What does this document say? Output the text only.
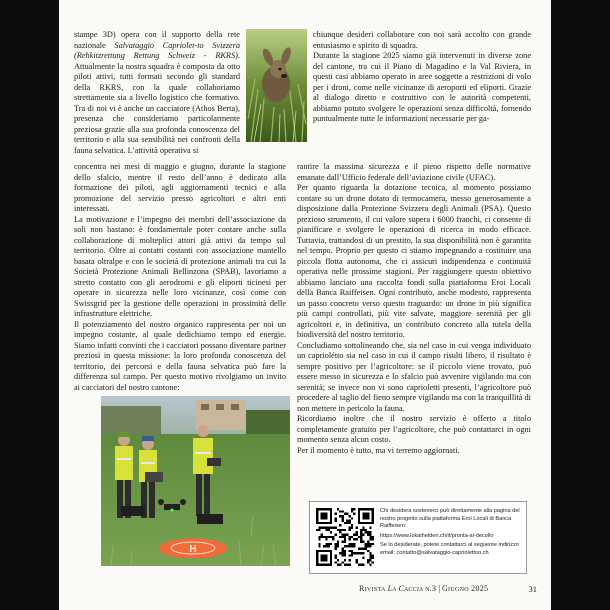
stampe 3D) opera con il supporto della rete nazionale Salvataggio Capriolet-to Svizzera (Rehkitzrettung Rettung Schweiz - RKRS). Attualmente la nostra squadra è composta da otto piloti attivi, tutti formati secondo gli standard della RKRS, con la quale collaboriamo strettamente sia a livello logistico che formativo. Tra di noi vi è anche un cacciatore (Athos Berta), presenza che consideriamo particolarmente preziosa grazie alla sua profonda conoscenza del territorio e alla sua sensibilità nei confronti della fauna selvatica. L’attività operativa si

chiunque desideri collaborare con noi sarà accolto con grande entusiasmo e spirito di squadra.

Durante la stagione 2025 siamo già intervenuti in diverse zone del cantone, tra cui il Piano di Magadino e la Val Riviera, in questi casi abbiamo operato in aree soggette a restrizioni di volo per i droni, come nelle vicinanze di aeroporti ed eliporti. Grazie al dialogo diretto e costruttivo con le autorità competenti, abbiamo potuto svolgere le operazioni senza difficoltà, fornendo puntualmente tutte le informazioni necessarie per ga-

concentra nei mesi di maggio e giugno, durante la stagione dello sfalcio, mentre il resto dell’anno è dedicato alla formazione dei piloti, agli aggiornamenti tecnici e alla promozione del servizio presso agricoltori e altri enti interessati.

La motivazione e l’impegno dei membri dell’associazione da soli non bastano: è fondamentale poter contare anche sulla collaborazione di molteplici attori già attivi da tempo sul territorio. Oltre ai contatti costanti con associazione mantello basata oltralpe e con le società di protezione animali tra cui la Società Protezione Animali Bellinzona (SPAB), lavoriamo a stretto contatto con gli aerodromi e gli eliporti ticinesi per operare in sicurezza nelle loro vicinanze, così come con Swissgrid per la gestione delle operazioni in prossimità delle infrastrutture elettriche.

Il potenziamento del nostro organico rappresenta per noi un impegno costante, al quale dedichiamo tempo ed energie. Siamo infatti convinti che i cacciatori possano diventare partner preziosi in questa missione: la loro profonda conoscenza del territorio, dei percorsi e della fauna selvatica può fare la differenza sul campo. Per questo motivo rivolgiamo un invito ai cacciatori del nostro cantone:

rantire la massima sicurezza e il pieno rispetto delle normative emanate dall’Ufficio federale dell’aviazione civile (UFAC).

Per quanto riguarda la dotazione tecnica, al momento possiamo contare su un drone dotato di termocamera, messo generosamente a disposizione dalla Protezione Svizzera degli Animali (PSA). Questo prezioso strumento, il cui valore supera i 6000 franchi, ci consente di pianificare e svolgere le operazioni di ricerca in modo efficace. Tuttavia, trattandosi di un prestito, la sua disponibilità non è garantita nel tempo. Proprio per questo ci stiamo impegnando a costituire una piccola flotta autonoma, che ci assicuri indipendenza e continuità operativa nelle prossime stagioni. Per raggiungere questo obiettivo abbiamo lanciato una raccolta fondi sulla piattaforma Eroi Locali della Banca Raiffeisen. Ogni contributo, anche modesto, rappresenta un passo concreto verso questo traguardo: un drone in più significa più campi controllati, più vite salvate, maggiore serenità per gli agricoltori e, in definitiva, un contributo concreto alla tutela della biodiversità del nostro territorio.

Concludiamo sottolineando che, sia nel caso in cui venga individuato un capriolétto sia nel caso in cui il campo risulti libero, il risultato è sempre positivo per l’agricoltore: se il piccolo viene trovato, può essere messo in sicurezza e lo sfalcio può avvenire vigilando ma con serenità; se invece non vi sono caprioletti presenti, l’agricoltore può procedere al taglio del fieno sempre vigilando ma con la tranquillità di non mettere in pericolo la fauna.

Ricordiamo inoltre che il nostro servizio è offerto a titolo completamente gratuito per l’agricoltore, che può contattarci in ogni momento senza alcun costo.

Per il momento è tutto, ma vi terremo aggiornati.

H

Chi desidera sostenerci può direttamente alla pagina del nostro progetto sulla piattaforma Eroi Locali di Banca Raiffeisen:

https://www.lokalhelden.ch/it/pronta-al-decollo

Se lo desiderate, potete contattarci al seguente indirizzo email: contatto@salvataggio-capriolettoo.ch

Rivista La Caccia n.3 | Giugno 2025	31
